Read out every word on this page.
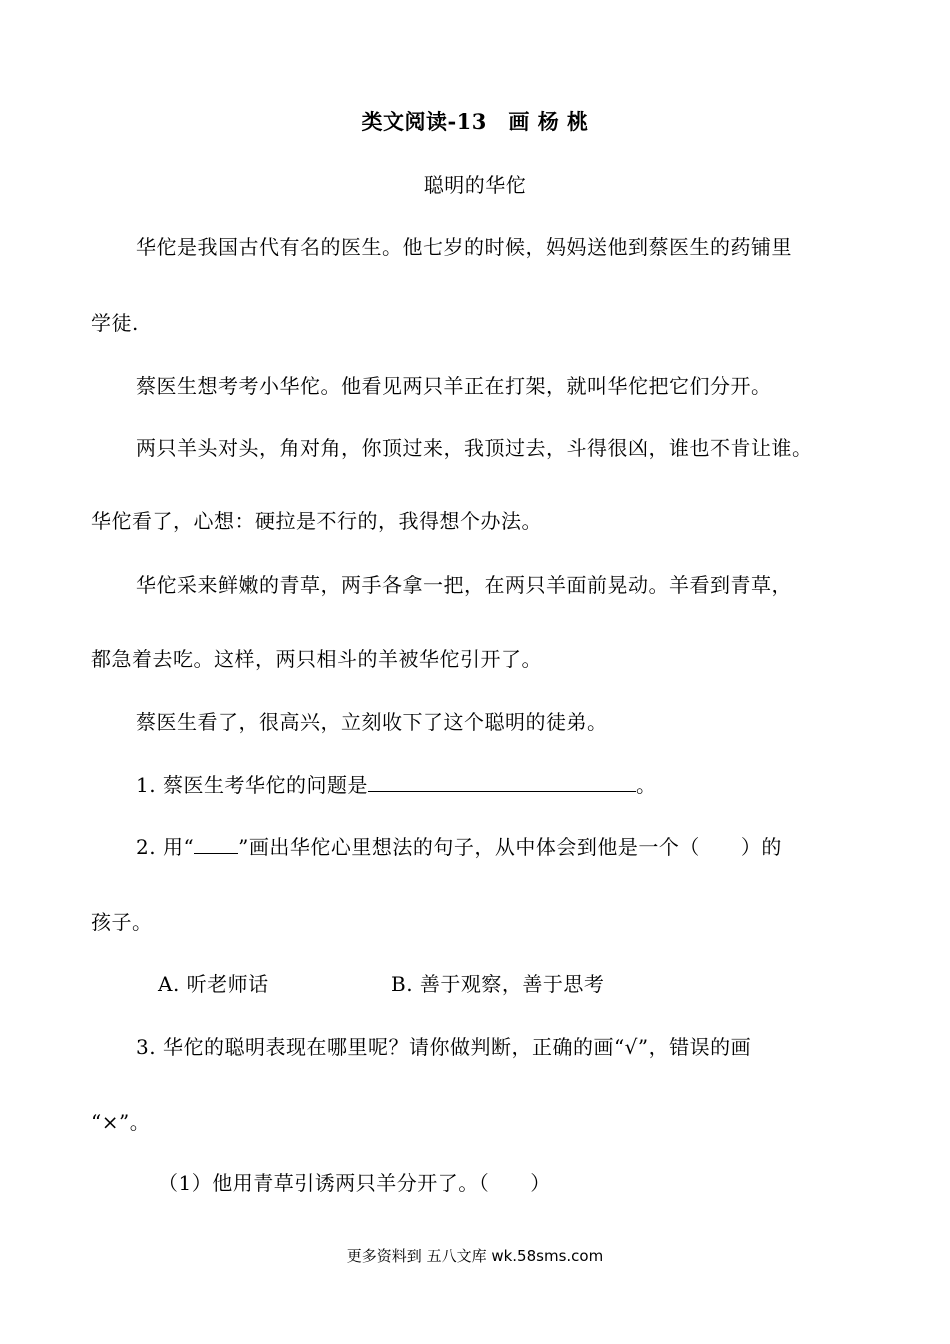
类文阅读-13　画 杨 桃
聪明的华佗
华佗是我国古代有名的医生。他七岁的时候，妈妈送他到蔡医生的药铺里
学徒.
蔡医生想考考小华佗。他看见两只羊正在打架，就叫华佗把它们分开。
两只羊头对头，角对角，你顶过来，我顶过去，斗得很凶，谁也不肯让谁。
华佗看了，心想：硬拉是不行的，我得想个办法。
华佗采来鲜嫩的青草，两手各拿一把，在两只羊面前晃动。羊看到青草，
都急着去吃。这样，两只相斗的羊被华佗引开了。
蔡医生看了，很高兴，立刻收下了这个聪明的徒弟。
1. 蔡医生考华佗的问题是	。
2. 用“ ”画出华佗心里想法的句子，从中体会到他是一个（　　）的
孩子。
A. 听老师话	B. 善于观察，善于思考
3. 华佗的聪明表现在哪里呢？请你做判断，正确的画“√”，错误的画
“×”。
（1）他用青草引诱两只羊分开了。（　　）
更多资料到 五八文库 wk.58sms.com
